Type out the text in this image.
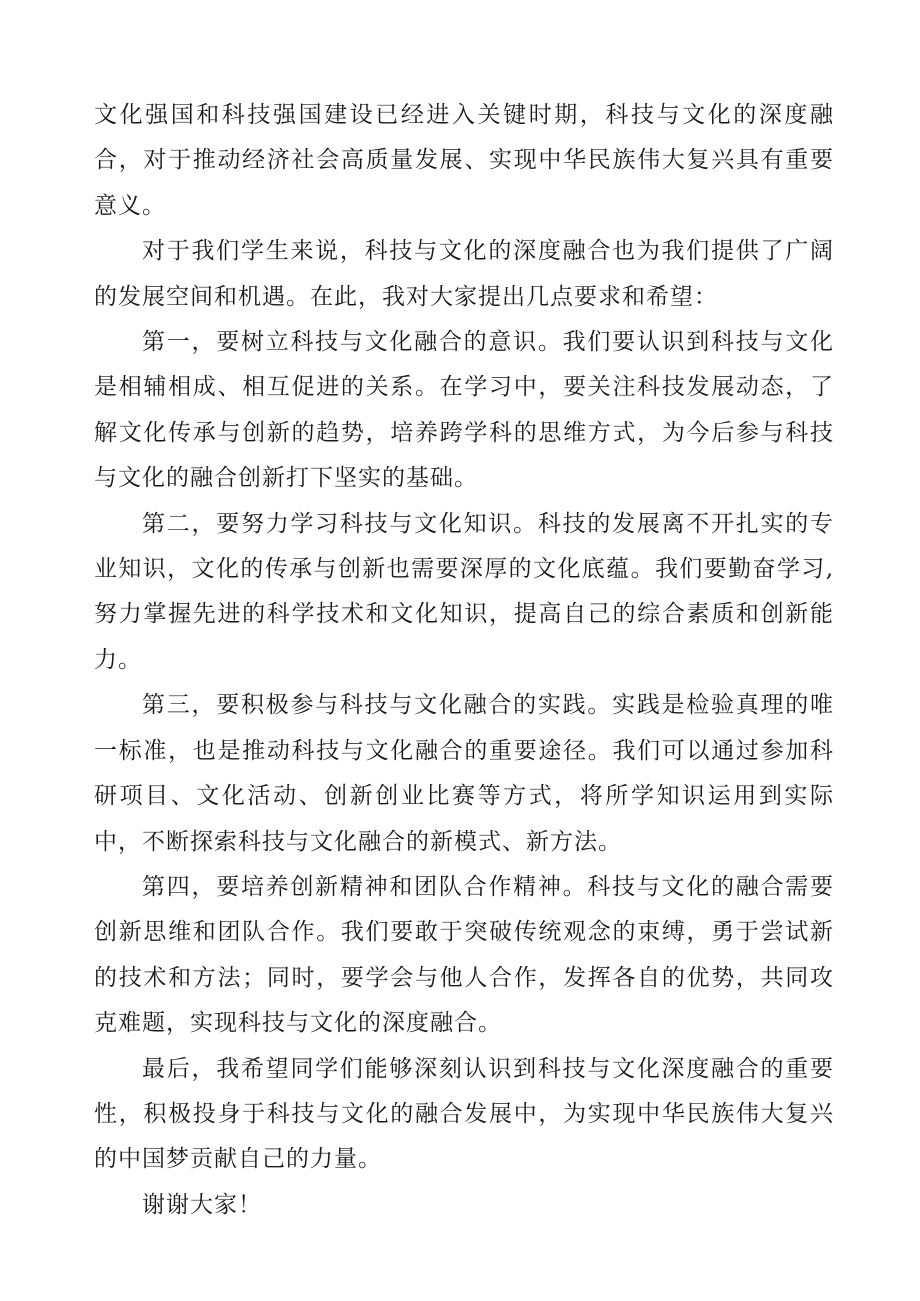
文化强国和科技强国建设已经进入关键时期，科技与文化的深度融合，对于推动经济社会高质量发展、实现中华民族伟大复兴具有重要意义。

对于我们学生来说，科技与文化的深度融合也为我们提供了广阔的发展空间和机遇。在此，我对大家提出几点要求和希望：

第一，要树立科技与文化融合的意识。我们要认识到科技与文化是相辅相成、相互促进的关系。在学习中，要关注科技发展动态，了解文化传承与创新的趋势，培养跨学科的思维方式，为今后参与科技与文化的融合创新打下坚实的基础。

第二，要努力学习科技与文化知识。科技的发展离不开扎实的专业知识，文化的传承与创新也需要深厚的文化底蕴。我们要勤奋学习,努力掌握先进的科学技术和文化知识，提高自己的综合素质和创新能力。

第三，要积极参与科技与文化融合的实践。实践是检验真理的唯一标准，也是推动科技与文化融合的重要途径。我们可以通过参加科研项目、文化活动、创新创业比赛等方式，将所学知识运用到实际中，不断探索科技与文化融合的新模式、新方法。

第四，要培养创新精神和团队合作精神。科技与文化的融合需要创新思维和团队合作。我们要敢于突破传统观念的束缚，勇于尝试新的技术和方法；同时，要学会与他人合作，发挥各自的优势，共同攻克难题，实现科技与文化的深度融合。

最后，我希望同学们能够深刻认识到科技与文化深度融合的重要性，积极投身于科技与文化的融合发展中，为实现中华民族伟大复兴的中国梦贡献自己的力量。

谢谢大家！
